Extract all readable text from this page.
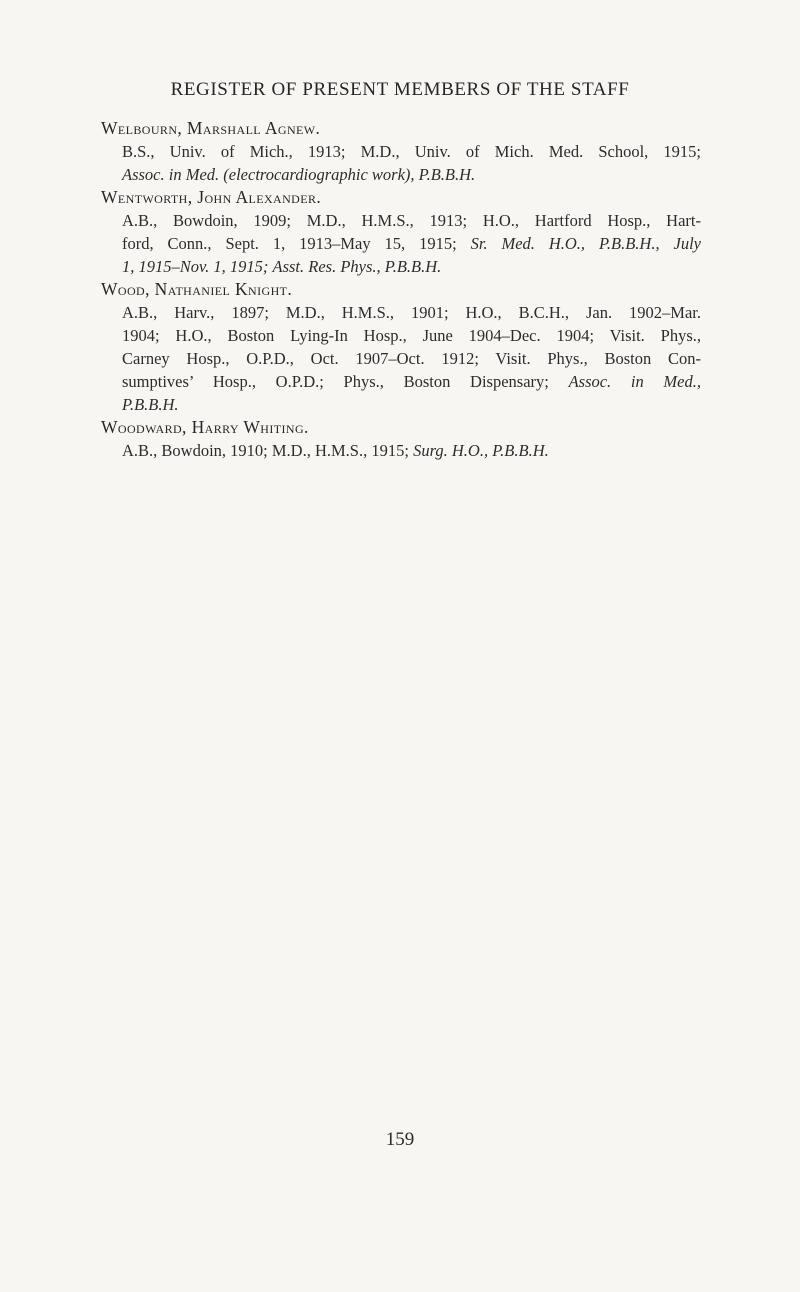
REGISTER OF PRESENT MEMBERS OF THE STAFF
Welbourn, Marshall Agnew.
B.S., Univ. of Mich., 1913; M.D., Univ. of Mich. Med. School, 1915;
Assoc. in Med. (electrocardiographic work), P.B.B.H.
Wentworth, John Alexander.
A.B., Bowdoin, 1909; M.D., H.M.S., 1913; H.O., Hartford Hosp., Hart-
ford, Conn., Sept. 1, 1913–May 15, 1915; Sr. Med. H.O., P.B.B.H., July
1, 1915–Nov. 1, 1915; Asst. Res. Phys., P.B.B.H.
Wood, Nathaniel Knight.
A.B., Harv., 1897; M.D., H.M.S., 1901; H.O., B.C.H., Jan. 1902–Mar.
1904; H.O., Boston Lying-In Hosp., June 1904–Dec. 1904; Visit. Phys.,
Carney Hosp., O.P.D., Oct. 1907–Oct. 1912; Visit. Phys., Boston Con-
sumptives’ Hosp., O.P.D.; Phys., Boston Dispensary; Assoc. in Med.,
P.B.B.H.
Woodward, Harry Whiting.
A.B., Bowdoin, 1910; M.D., H.M.S., 1915; Surg. H.O., P.B.B.H.
159
